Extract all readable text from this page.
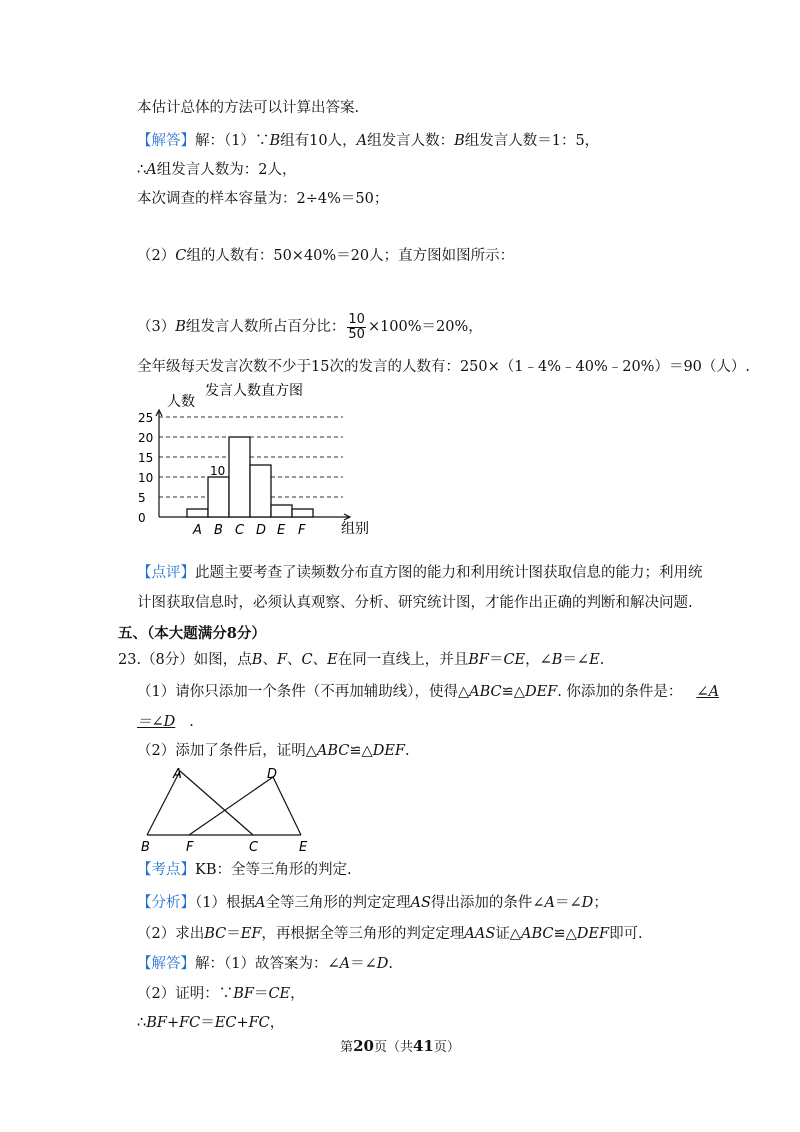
本估计总体的方法可以计算出答案.
【解答】解：（1）∵B组有10人，A组发言人数：B组发言人数＝1：5，
∴A组发言人数为：2人，
本次调查的样本容量为：2÷4%＝50；
（2）C组的人数有：50×40%＝20人；直方图如图所示：
（3）B组发言人数所占百分比： $\frac{10}{50} \times 100\%=20\%$，
全年级每天发言次数不少于15次的发言的人数有：250×（1﹣4%﹣40%﹣20%）＝90（人）.
发言人数直方图
人数
组别
0
5
10
15
20
25
A B C D E F
10
【点评】此题主要考查了读频数分布直方图的能力和利用统计图获取信息的能力；利用统
计图获取信息时，必须认真观察、分析、研究统计图，才能作出正确的判断和解决问题.
五、（本大题满分8分）
23.（8分）如图，点B、F、C、E在同一直线上，并且BF＝CE，∠B＝∠E.
（1）请你只添加一个条件（不再加辅助线），使得△ABC≌△DEF. 你添加的条件是： ∠A
＝∠D .
（2）添加了条件后，证明△ABC≌△DEF.
A	D
B	F	C	E
【考点】KB：全等三角形的判定.
【分析】（1）根据A全等三角形的判定定理AS得出添加的条件∠A＝∠D；
（2）求出BC＝EF，再根据全等三角形的判定定理AAS证△ABC≌△DEF即可.
【解答】解：（1）故答案为：∠A＝∠D.
（2）证明：∵BF＝CE，
∴BF+FC＝EC+FC，
第20页（共41页）
